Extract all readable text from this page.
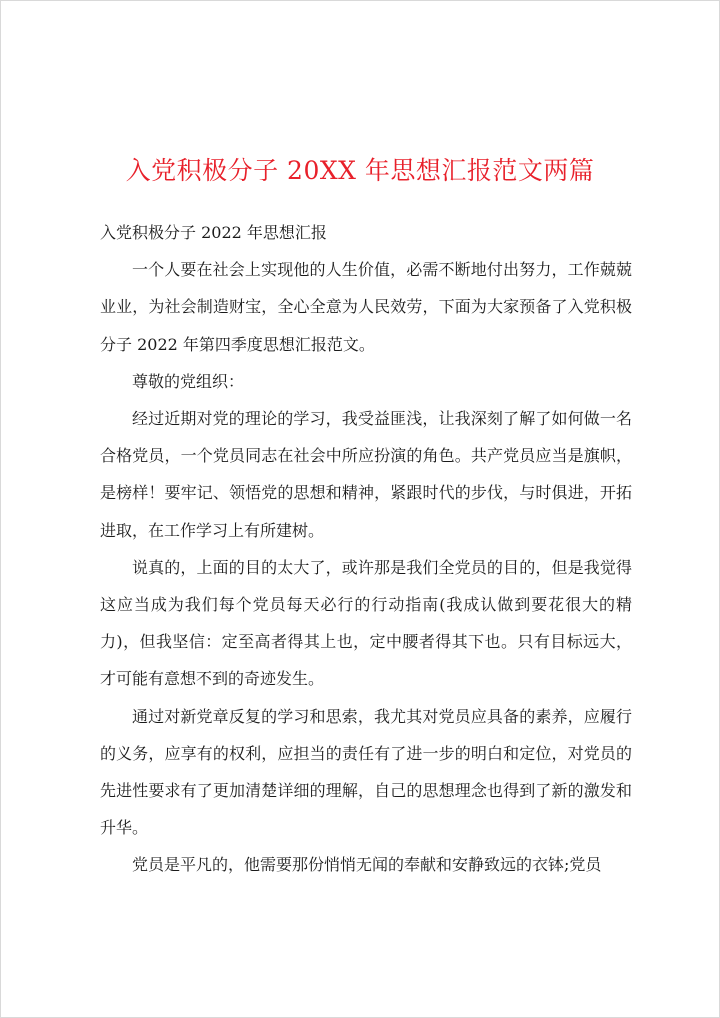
入党积极分子 20XX 年思想汇报范文两篇

入党积极分子 2022 年思想汇报

一个人要在社会上实现他的人生价值，必需不断地付出努力，工作兢兢业业，为社会制造财宝，全心全意为人民效劳，下面为大家预备了入党积极分子 2022 年第四季度思想汇报范文。

尊敬的党组织：

经过近期对党的理论的学习，我受益匪浅，让我深刻了解了如何做一名合格党员，一个党员同志在社会中所应扮演的角色。共产党员应当是旗帜，是榜样！要牢记、领悟党的思想和精神，紧跟时代的步伐，与时俱进，开拓进取，在工作学习上有所建树。

说真的，上面的目的太大了，或许那是我们全党员的目的，但是我觉得这应当成为我们每个党员每天必行的行动指南(我成认做到要花很大的精力)，但我坚信：定至高者得其上也，定中腰者得其下也。只有目标远大，才可能有意想不到的奇迹发生。

通过对新党章反复的学习和思索，我尤其对党员应具备的素养，应履行的义务，应享有的权利，应担当的责任有了进一步的明白和定位，对党员的先进性要求有了更加清楚详细的理解，自己的思想理念也得到了新的激发和升华。

党员是平凡的，他需要那份悄悄无闻的奉献和安静致远的衣钵;党员
